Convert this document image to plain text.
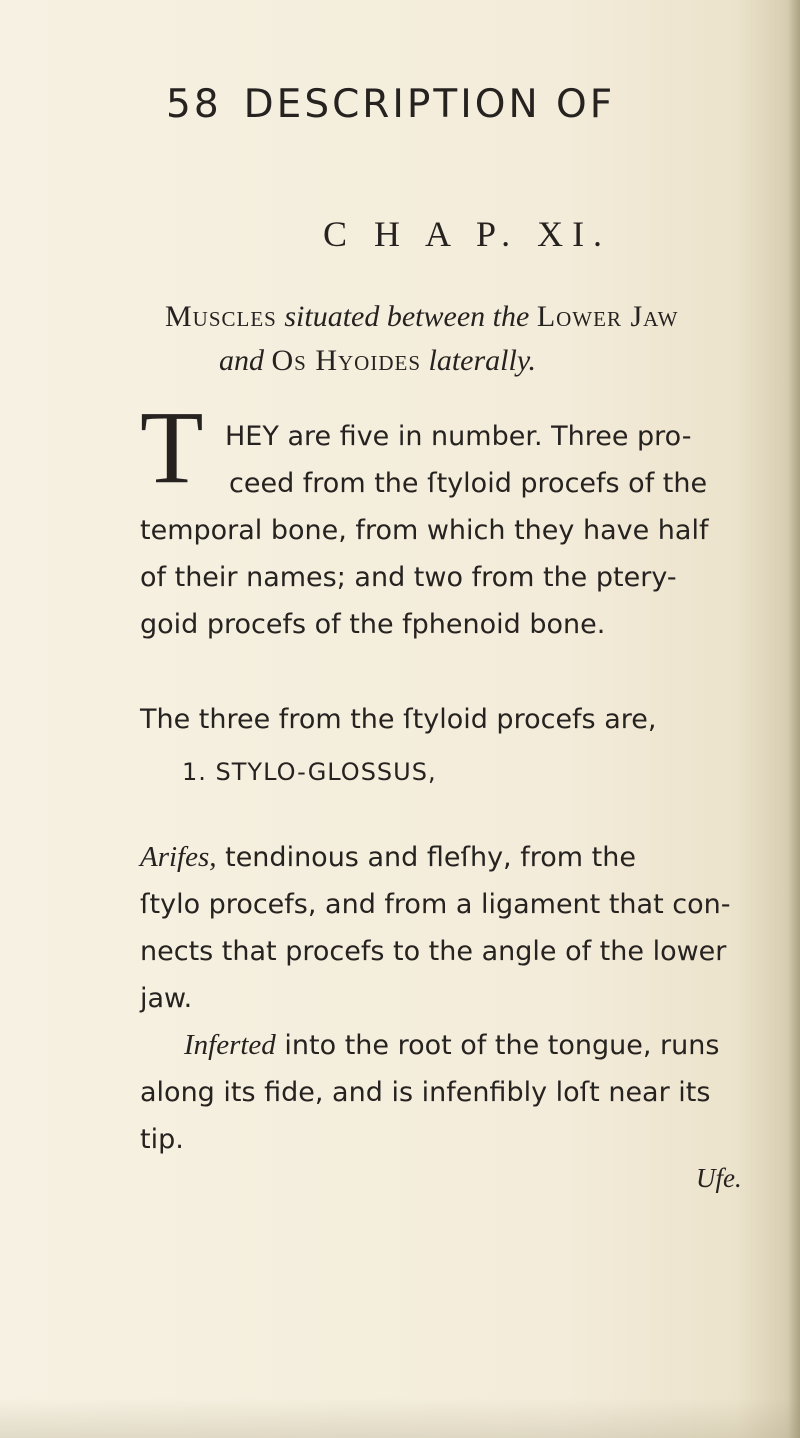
58 DESCRIPTION OF
C H A P. XI.
Muscles situated between the Lower Jaw
and Os Hyoides laterally.
T HEY are five in number. Three pro-
ceed from the ſtyloid procefs of the
temporal bone, from which they have half
of their names; and two from the ptery-
goid procefs of the fphenoid bone.
The three from the ſtyloid procefs are,
1. STYLO-GLOSSUS,
Arifes, tendinous and fleſhy, from the
ſtylo procefs, and from a ligament that con-
nects that procefs to the angle of the lower
jaw.
Inferted into the root of the tongue, runs
along its fide, and is infenfibly loſt near its
tip.
Ufe.
